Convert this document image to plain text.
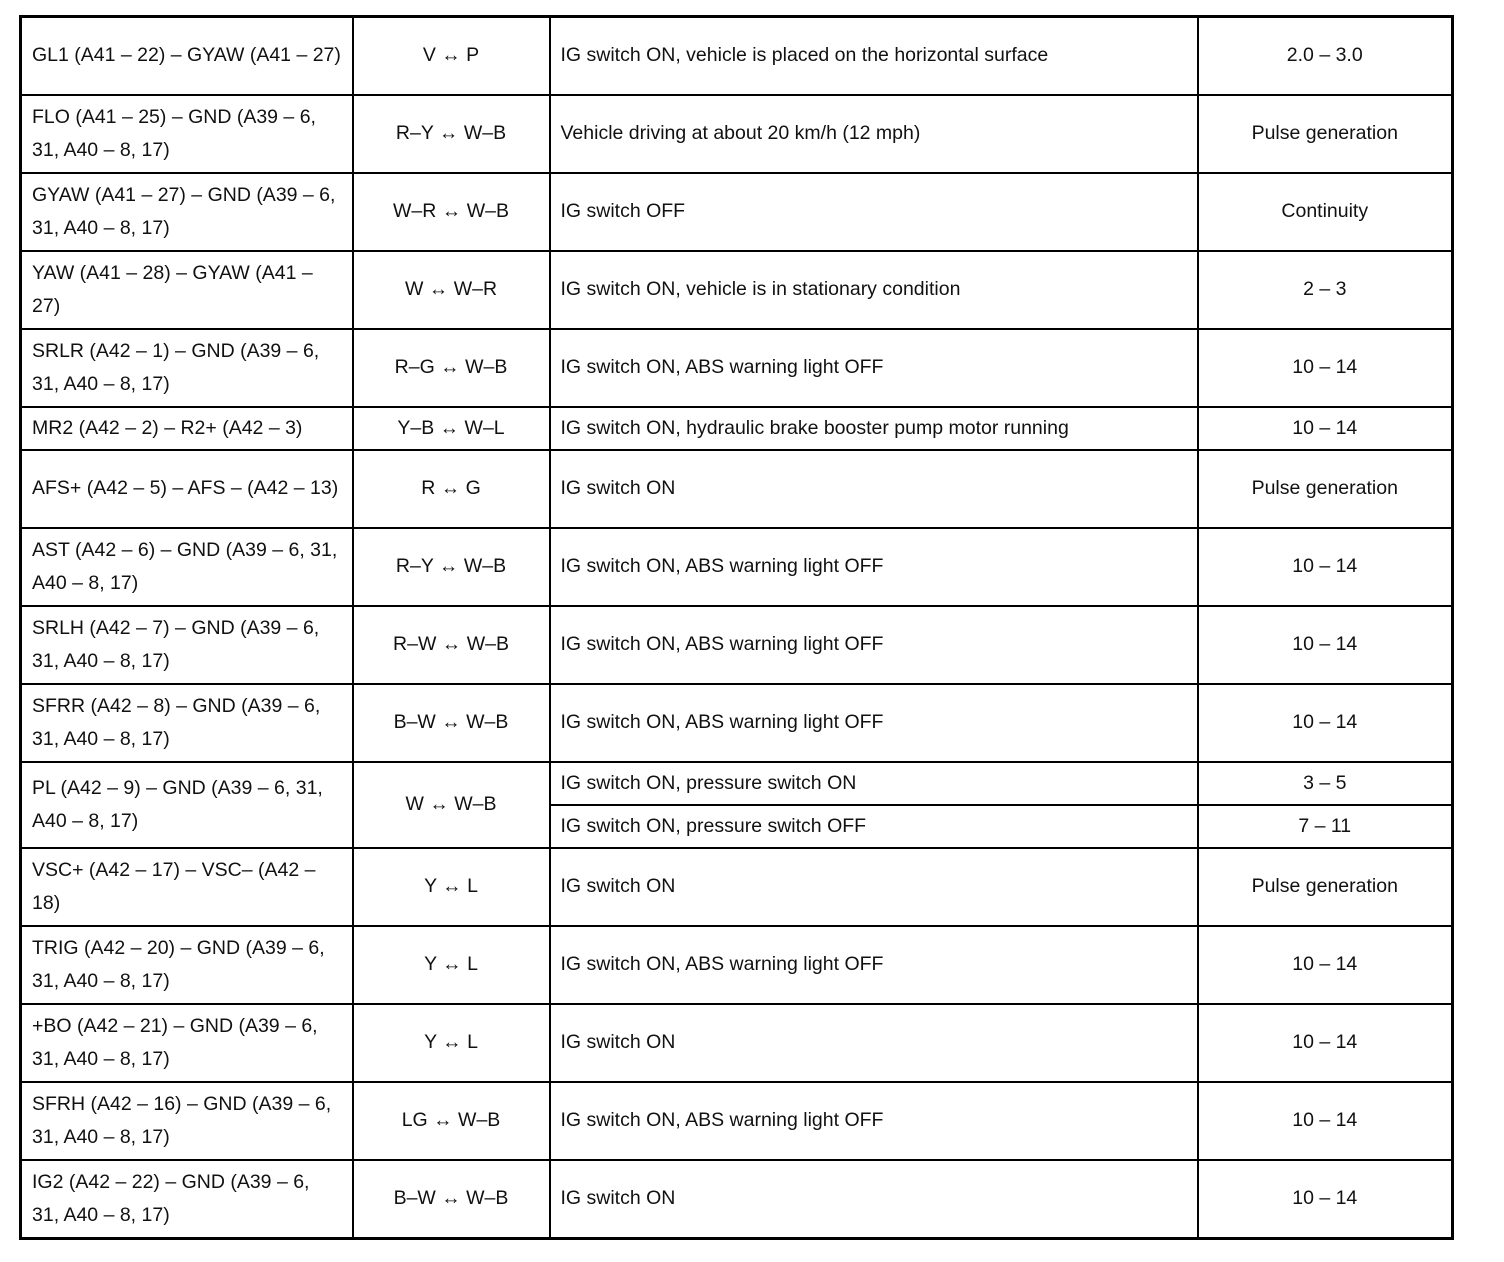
GL1 (A41 – 22) – GYAW (A41 – 27)	V ↔ P	IG switch ON, vehicle is placed on the horizontal surface	2.0 – 3.0
FLO (A41 – 25) – GND (A39 – 6, 31, A40 – 8, 17)	R–Y ↔ W–B	Vehicle driving at about 20 km/h (12 mph)	Pulse generation
GYAW (A41 – 27) – GND (A39 – 6, 31, A40 – 8, 17)	W–R ↔ W–B	IG switch OFF	Continuity
YAW (A41 – 28) – GYAW (A41 – 27)	W ↔ W–R	IG switch ON, vehicle is in stationary condition	2 – 3
SRLR (A42 – 1) – GND (A39 – 6, 31, A40 – 8, 17)	R–G ↔ W–B	IG switch ON, ABS warning light OFF	10 – 14
MR2 (A42 – 2) – R2+ (A42 – 3)	Y–B ↔ W–L	IG switch ON, hydraulic brake booster pump motor running	10 – 14
AFS+ (A42 – 5) – AFS – (A42 – 13)	R ↔ G	IG switch ON	Pulse generation
AST (A42 – 6) – GND (A39 – 6, 31, A40 – 8, 17)	R–Y ↔ W–B	IG switch ON, ABS warning light OFF	10 – 14
SRLH (A42 – 7) – GND (A39 – 6, 31, A40 – 8, 17)	R–W ↔ W–B	IG switch ON, ABS warning light OFF	10 – 14
SFRR (A42 – 8) – GND (A39 – 6, 31, A40 – 8, 17)	B–W ↔ W–B	IG switch ON, ABS warning light OFF	10 – 14
PL (A42 – 9) – GND (A39 – 6, 31, A40 – 8, 17)	W ↔ W–B	IG switch ON, pressure switch ON	3 – 5
		IG switch ON, pressure switch OFF	7 – 11
VSC+ (A42 – 17) – VSC– (A42 – 18)	Y ↔ L	IG switch ON	Pulse generation
TRIG (A42 – 20) – GND (A39 – 6, 31, A40 – 8, 17)	Y ↔ L	IG switch ON, ABS warning light OFF	10 – 14
+BO (A42 – 21) – GND (A39 – 6, 31, A40 – 8, 17)	Y ↔ L	IG switch ON	10 – 14
SFRH (A42 – 16) – GND (A39 – 6, 31, A40 – 8, 17)	LG ↔ W–B	IG switch ON, ABS warning light OFF	10 – 14
IG2 (A42 – 22) – GND (A39 – 6, 31, A40 – 8, 17)	B–W ↔ W–B	IG switch ON	10 – 14
